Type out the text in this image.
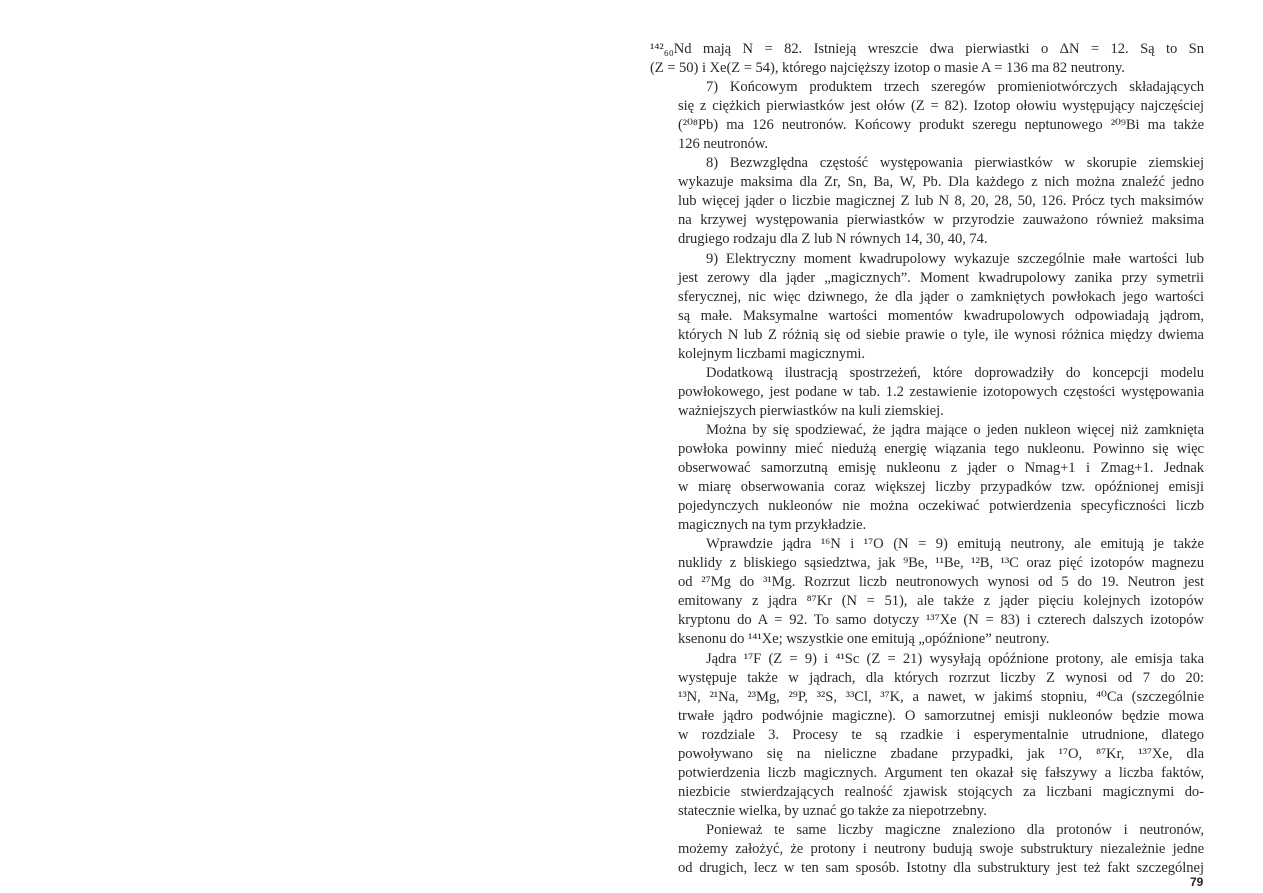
¹⁴²₆₀Nd mają N = 82. Istnieją wreszcie dwa pierwiastki o ΔN = 12. Są to Sn
(Z = 50) i Xe(Z = 54), którego najcięższy izotop o masie A = 136 ma 82 neutrony.

7) Końcowym produktem trzech szeregów promieniotwórczych składających
się z ciężkich pierwiastków jest ołów (Z = 82). Izotop ołowiu występujący najczęściej
(²⁰⁸Pb) ma 126 neutronów. Końcowy produkt szeregu neptunowego ²⁰⁹Bi ma także
126 neutronów.

8) Bezwzględna częstość występowania pierwiastków w skorupie ziemskiej
wykazuje maksima dla Zr, Sn, Ba, W, Pb. Dla każdego z nich można znaleźć jedno
lub więcej jąder o liczbie magicznej Z lub N 8, 20, 28, 50, 126. Prócz tych maksimów
na krzywej występowania pierwiastków w przyrodzie zauważono również maksima
drugiego rodzaju dla Z lub N równych 14, 30, 40, 74.

9) Elektryczny moment kwadrupolowy wykazuje szczególnie małe wartości lub
jest zerowy dla jąder „magicznych”. Moment kwadrupolowy zanika przy symetrii
sferycznej, nic więc dziwnego, że dla jąder o zamkniętych powłokach jego wartości
są małe. Maksymalne wartości momentów kwadrupolowych odpowiadają jądrom,
których N lub Z różnią się od siebie prawie o tyle, ile wynosi różnica między dwiema
kolejnym liczbami magicznymi.

Dodatkową ilustracją spostrzeżeń, które doprowadziły do koncepcji modelu
powłokowego, jest podane w tab. 1.2 zestawienie izotopowych częstości występowania
ważniejszych pierwiastków na kuli ziemskiej.

Można by się spodziewać, że jądra mające o jeden nukleon więcej niż zamknięta
powłoka powinny mieć niedużą energię wiązania tego nukleonu. Powinno się więc
obserwować samorzutną emisję nukleonu z jąder o Nmag+1 i Zmag+1. Jednak
w miarę obserwowania coraz większej liczby przypadków tzw. opóźnionej emisji
pojedynczych nukleonów nie można oczekiwać potwierdzenia specyficzności liczb
magicznych na tym przykładzie.

Wprawdzie jądra ¹⁶N i ¹⁷O (N = 9) emitują neutrony, ale emitują je także
nuklidy z bliskiego sąsiedztwa, jak ⁹Be, ¹¹Be, ¹²B, ¹³C oraz pięć izotopów magnezu
od ²⁷Mg do ³¹Mg. Rozrzut liczb neutronowych wynosi od 5 do 19. Neutron jest
emitowany z jądra ⁸⁷Kr (N = 51), ale także z jąder pięciu kolejnych izotopów
kryptonu do A = 92. To samo dotyczy ¹³⁷Xe (N = 83) i czterech dalszych izotopów
ksenonu do ¹⁴¹Xe; wszystkie one emitują „opóźnione” neutrony.

Jądra ¹⁷F (Z = 9) i ⁴¹Sc (Z = 21) wysyłają opóźnione protony, ale emisja taka
występuje także w jądrach, dla których rozrzut liczby Z wynosi od 7 do 20:
¹³N, ²¹Na, ²³Mg, ²⁹P, ³²S, ³³Cl, ³⁷K, a nawet, w jakimś stopniu, ⁴⁰Ca (szczególnie
trwałe jądro podwójnie magiczne). O samorzutnej emisji nukleonów będzie mowa
w rozdziale 3. Procesy te są rzadkie i esperymentalnie utrudnione, dlatego
powoływano się na nieliczne zbadane przypadki, jak ¹⁷O, ⁸⁷Kr, ¹³⁷Xe, dla
potwierdzenia liczb magicznych. Argument ten okazał się fałszywy a liczba faktów,
niezbicie stwierdzających realność zjawisk stojących za liczbani magicznymi do-
statecznie wielka, by uznać go także za niepotrzebny.

Ponieważ te same liczby magiczne znaleziono dla protonów i neutronów,
możemy założyć, że protony i neutrony budują swoje substruktury niezależnie jedne
od drugich, lecz w ten sam sposób. Istotny dla substruktury jest też fakt szczególnej

79
